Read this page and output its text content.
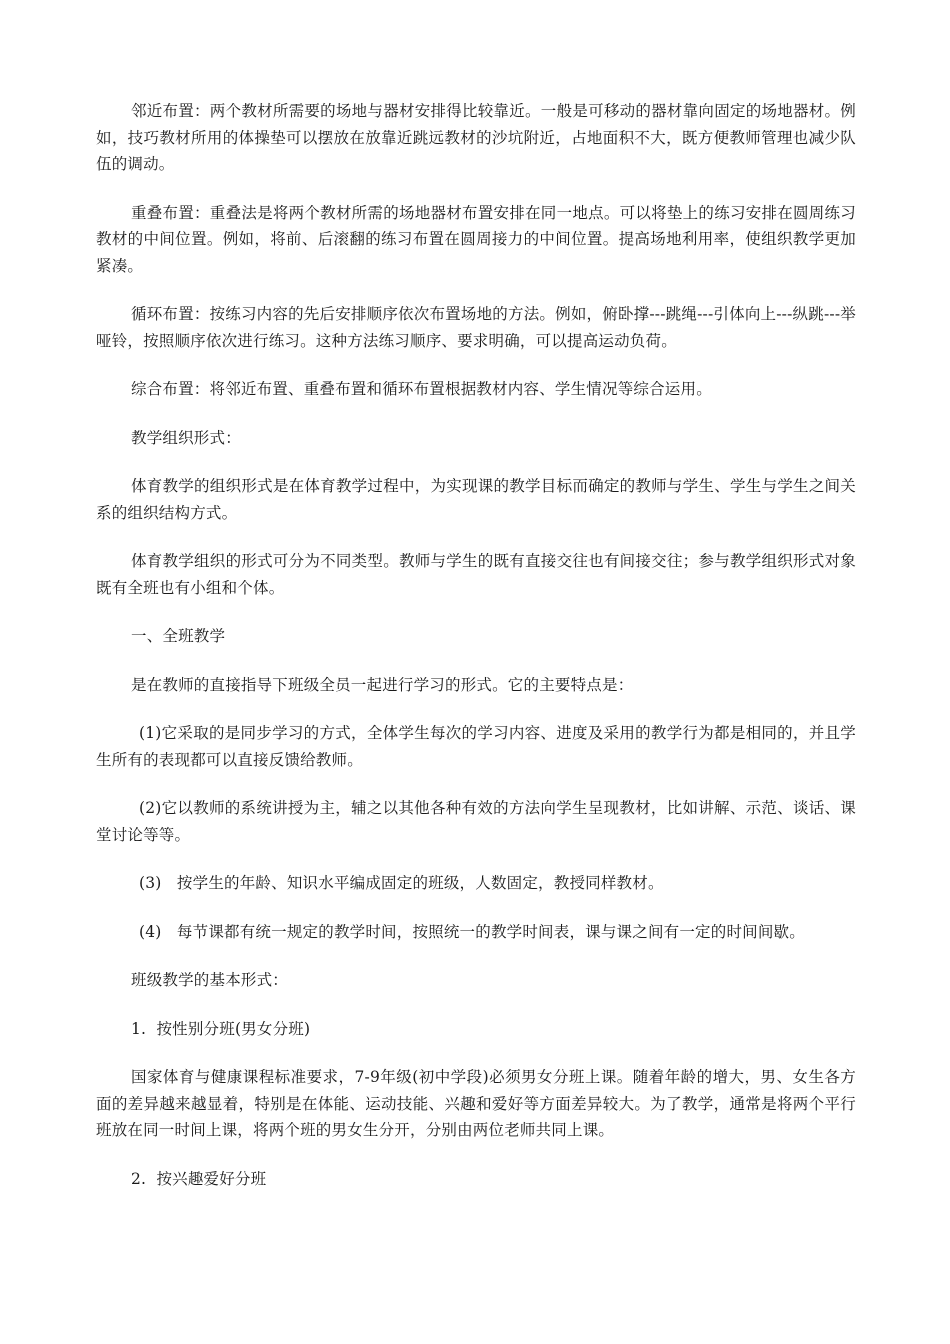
邻近布置：两个教材所需要的场地与器材安排得比较靠近。一般是可移动的器材靠向固定的场地器材。例如，技巧教材所用的体操垫可以摆放在放靠近跳远教材的沙坑附近，占地面积不大，既方便教师管理也减少队伍的调动。

重叠布置：重叠法是将两个教材所需的场地器材布置安排在同一地点。可以将垫上的练习安排在圆周练习教材的中间位置。例如，将前、后滚翻的练习布置在圆周接力的中间位置。提高场地利用率，使组织教学更加紧凑。

循环布置：按练习内容的先后安排顺序依次布置场地的方法。例如，俯卧撑---跳绳---引体向上---纵跳---举哑铃，按照顺序依次进行练习。这种方法练习顺序、要求明确，可以提高运动负荷。

综合布置：将邻近布置、重叠布置和循环布置根据教材内容、学生情况等综合运用。

教学组织形式：

体育教学的组织形式是在体育教学过程中，为实现课的教学目标而确定的教师与学生、学生与学生之间关系的组织结构方式。

体育教学组织的形式可分为不同类型。教师与学生的既有直接交往也有间接交往；参与教学组织形式对象既有全班也有小组和个体。

一、全班教学

是在教师的直接指导下班级全员一起进行学习的形式。它的主要特点是：

(1)它采取的是同步学习的方式，全体学生每次的学习内容、进度及采用的教学行为都是相同的，并且学生所有的表现都可以直接反馈给教师。

(2)它以教师的系统讲授为主，辅之以其他各种有效的方法向学生呈现教材，比如讲解、示范、谈话、课堂讨论等等。

(3)   按学生的年龄、知识水平编成固定的班级，人数固定，教授同样教材。

(4)   每节课都有统一规定的教学时间，按照统一的教学时间表，课与课之间有一定的时间间歇。

班级教学的基本形式：

1.  按性别分班(男女分班)

国家体育与健康课程标准要求，7-9年级(初中学段)必须男女分班上课。随着年龄的增大，男、女生各方面的差异越来越显着，特别是在体能、运动技能、兴趣和爱好等方面差异较大。为了教学，通常是将两个平行班放在同一时间上课，将两个班的男女生分开，分别由两位老师共同上课。

2.  按兴趣爱好分班
